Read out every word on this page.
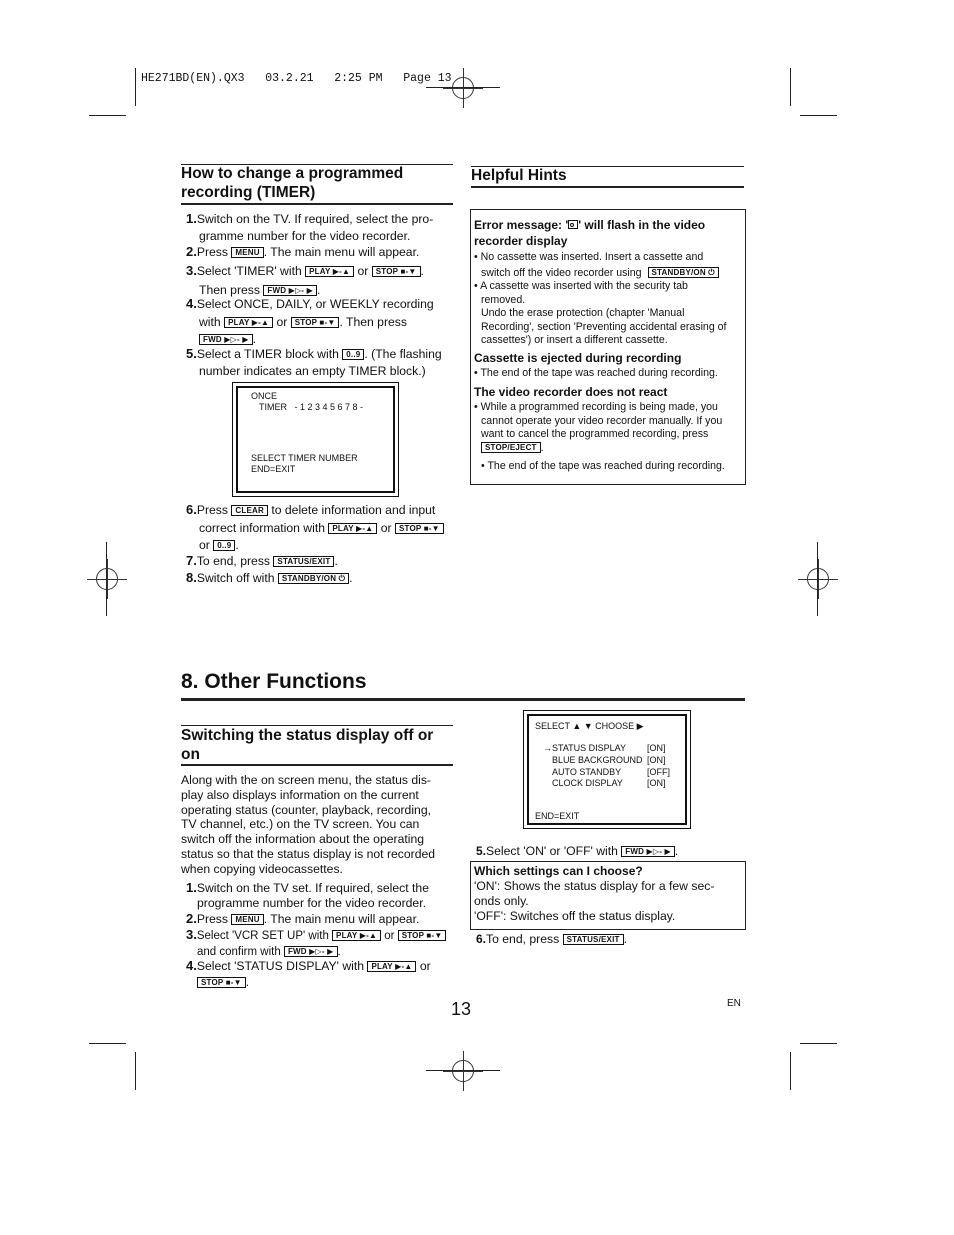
HE271BD(EN).QX3   03.2.21   2:25 PM   Page 13
How to change a programmed recording (TIMER)
1.Switch on the TV. If required, select the pro-
gramme number for the video recorder.
2.Press MENU . The main menu will appear.
3.Select 'TIMER' with PLAY ▶-▲ or STOP ■-▼ .
Then press FWD ▶▷- ▶ .
4.Select ONCE, DAILY, or WEEKLY recording
with PLAY ▶-▲ or STOP ■-▼ . Then press
FWD ▶▷- ▶ .
5.Select a TIMER block with 0..9 . (The flashing
number indicates an empty TIMER block.)
ONCE
TIMER   - 1 2 3 4 5 6 7 8 -
SELECT TIMER NUMBER
END=EXIT
6.Press CLEAR to delete information and input
correct information with PLAY ▶-▲ or STOP ■-▼
or 0..9 .
7.To end, press STATUS/EXIT .
8.Switch off with STANDBY/ON ⏻ .
Helpful Hints
Error message: ' ' will flash in the video
recorder display
• No cassette was inserted. Insert a cassette and
switch off the video recorder using STANDBY/ON ⏻
• A cassette was inserted with the security tab
removed.
Undo the erase protection (chapter 'Manual
Recording', section 'Preventing accidental erasing of
cassettes') or insert a different cassette.
Cassette is ejected during recording
• The end of the tape was reached during recording.
The video recorder does not react
• While a programmed recording is being made, you
cannot operate your video recorder manually. If you
want to cancel the programmed recording, press
STOP/EJECT .
• The end of the tape was reached during recording.
8. Other Functions
Switching the status display off or on
Along with the on screen menu, the status dis-
play also displays information on the current
operating status (counter, playback, recording,
TV channel, etc.) on the TV screen. You can
switch off the information about the operating
status so that the status display is not recorded
when copying videocassettes.
1.Switch on the TV set. If required, select the
programme number for the video recorder.
2.Press MENU . The main menu will appear.
3.Select 'VCR SET UP' with PLAY ▶-▲ or STOP ■-▼
and confirm with FWD ▶▷- ▶ .
4.Select 'STATUS DISPLAY' with PLAY ▶-▲ or
STOP ■-▼ .
SELECT ▲ ▼ CHOOSE ▶
→STATUS DISPLAY [ON]
BLUE BACKGROUND [ON]
AUTO STANDBY	[OFF]
CLOCK DISPLAY	[ON]
END=EXIT
5.Select 'ON' or 'OFF' with FWD ▶▷- ▶ .
Which settings can I choose?
'ON': Shows the status display for a few sec-
onds only.
'OFF': Switches off the status display.
6.To end, press STATUS/EXIT .
13	EN
